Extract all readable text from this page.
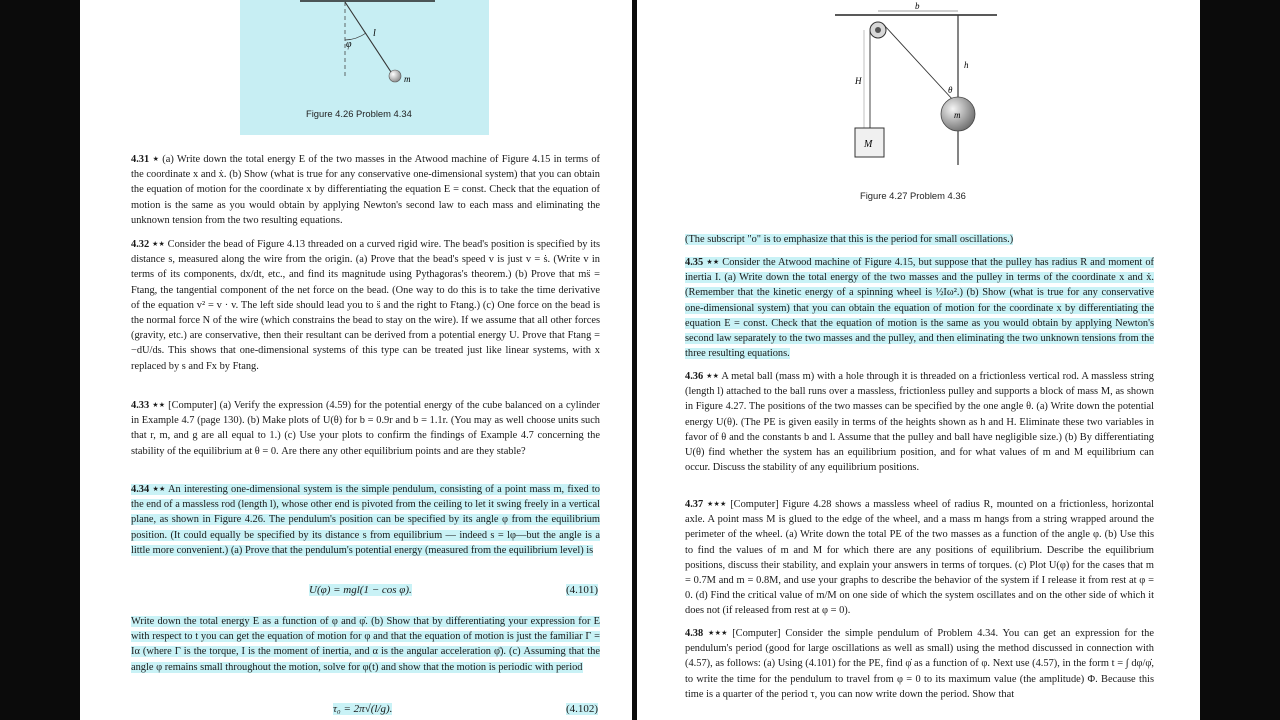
φ
l
m
Figure 4.26 Problem 4.34

4.31 ⋆ (a) Write down the total energy E of the two masses in the Atwood machine of Figure 4.15 in terms of the coordinate x and ẋ. (b) Show (what is true for any conservative one-dimensional system) that you can obtain the equation of motion for the coordinate x by differentiating the equation E = const. Check that the equation of motion is the same as you would obtain by applying Newton's second law to each mass and eliminating the unknown tension from the two resulting equations.

4.32 ⋆⋆ Consider the bead of Figure 4.13 threaded on a curved rigid wire. The bead's position is specified by its distance s, measured along the wire from the origin. (a) Prove that the bead's speed v is just v = ṡ. (Write v in terms of its components, dx/dt, etc., and find its magnitude using Pythagoras's theorem.) (b) Prove that ms̈ = Ftang, the tangential component of the net force on the bead. (One way to do this is to take the time derivative of the equation v² = v · v. The left side should lead you to s̈ and the right to Ftang.) (c) One force on the bead is the normal force N of the wire (which constrains the bead to stay on the wire). If we assume that all other forces (gravity, etc.) are conservative, then their resultant can be derived from a potential energy U. Prove that Ftang = −dU/ds. This shows that one-dimensional systems of this type can be treated just like linear systems, with x replaced by s and Fx by Ftang.

4.33 ⋆⋆ [Computer] (a) Verify the expression (4.59) for the potential energy of the cube balanced on a cylinder in Example 4.7 (page 130). (b) Make plots of U(θ) for b = 0.9r and b = 1.1r. (You may as well choose units such that r, m, and g are all equal to 1.) (c) Use your plots to confirm the findings of Example 4.7 concerning the stability of the equilibrium at θ = 0. Are there any other equilibrium points and are they stable?

4.34 ⋆⋆ An interesting one-dimensional system is the simple pendulum, consisting of a point mass m, fixed to the end of a massless rod (length l), whose other end is pivoted from the ceiling to let it swing freely in a vertical plane, as shown in Figure 4.26. The pendulum's position can be specified by its angle φ from the equilibrium position. (It could equally be specified by its distance s from equilibrium — indeed s = lφ—but the angle is a little more convenient.) (a) Prove that the pendulum's potential energy (measured from the equilibrium level) is

U(φ) = mgl(1 − cos φ).	(4.101)

Write down the total energy E as a function of φ and φ̇. (b) Show that by differentiating your expression for E with respect to t you can get the equation of motion for φ and that the equation of motion is just the familiar Γ = Iα (where Γ is the torque, I is the moment of inertia, and α is the angular acceleration φ̈). (c) Assuming that the angle φ remains small throughout the motion, solve for φ(t) and show that the motion is periodic with period

τ₀ = 2π√(l/g).	(4.102)
b
H
h
θ
m
M
Figure 4.27 Problem 4.36

(The subscript "o" is to emphasize that this is the period for small oscillations.)

4.35 ⋆⋆ Consider the Atwood machine of Figure 4.15, but suppose that the pulley has radius R and moment of inertia I. (a) Write down the total energy of the two masses and the pulley in terms of the coordinate x and ẋ. (Remember that the kinetic energy of a spinning wheel is ½Iω².) (b) Show (what is true for any conservative one-dimensional system) that you can obtain the equation of motion for the coordinate x by differentiating the equation E = const. Check that the equation of motion is the same as you would obtain by applying Newton's second law separately to the two masses and the pulley, and then eliminating the two unknown tensions from the three resulting equations.

4.36 ⋆⋆ A metal ball (mass m) with a hole through it is threaded on a frictionless vertical rod. A massless string (length l) attached to the ball runs over a massless, frictionless pulley and supports a block of mass M, as shown in Figure 4.27. The positions of the two masses can be specified by the one angle θ. (a) Write down the potential energy U(θ). (The PE is given easily in terms of the heights shown as h and H. Eliminate these two variables in favor of θ and the constants b and l. Assume that the pulley and ball have negligible size.) (b) By differentiating U(θ) find whether the system has an equilibrium position, and for what values of m and M equilibrium can occur. Discuss the stability of any equilibrium positions.

4.37 ⋆⋆⋆ [Computer] Figure 4.28 shows a massless wheel of radius R, mounted on a frictionless, horizontal axle. A point mass M is glued to the edge of the wheel, and a mass m hangs from a string wrapped around the perimeter of the wheel. (a) Write down the total PE of the two masses as a function of the angle φ. (b) Use this to find the values of m and M for which there are any positions of equilibrium. Describe the equilibrium positions, discuss their stability, and explain your answers in terms of torques. (c) Plot U(φ) for the cases that m = 0.7M and m = 0.8M, and use your graphs to describe the behavior of the system if I release it from rest at φ = 0. (d) Find the critical value of m/M on one side of which the system oscillates and on the other side of which it does not (if released from rest at φ = 0).

4.38 ⋆⋆⋆ [Computer] Consider the simple pendulum of Problem 4.34. You can get an expression for the pendulum's period (good for large oscillations as well as small) using the method discussed in connection with (4.57), as follows: (a) Using (4.101) for the PE, find φ̇ as a function of φ. Next use (4.57), in the form t = ∫ dφ/φ̇, to write the time for the pendulum to travel from φ = 0 to its maximum value (the amplitude) Φ. Because this time is a quarter of the period τ, you can now write down the period. Show that
